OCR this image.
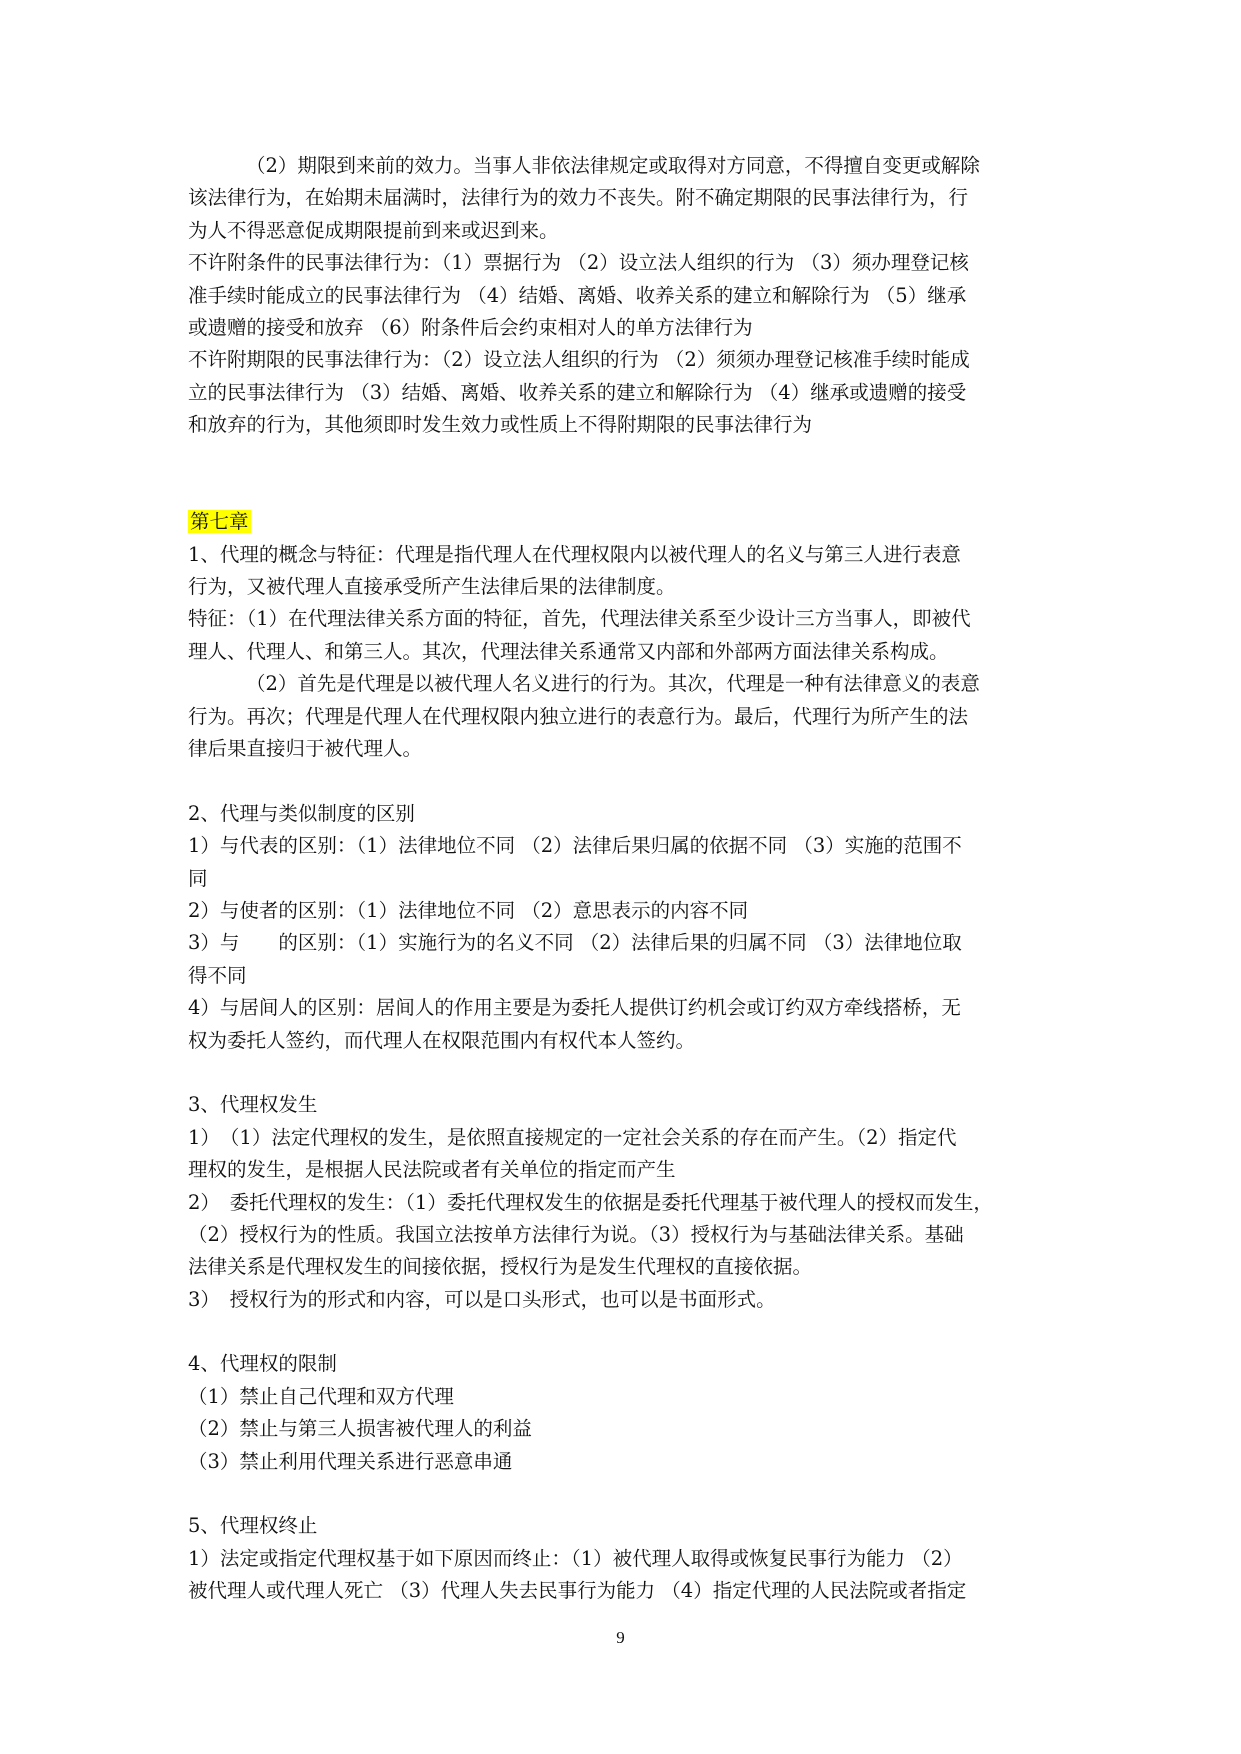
（2）期限到来前的效力。当事人非依法律规定或取得对方同意，不得擅自变更或解除

该法律行为，在始期未届满时，法律行为的效力不丧失。附不确定期限的民事法律行为，行

为人不得恶意促成期限提前到来或迟到来。

不许附条件的民事法律行为：（1）票据行为 （2）设立法人组织的行为 （3）须办理登记核

准手续时能成立的民事法律行为 （4）结婚、离婚、收养关系的建立和解除行为 （5）继承

或遗赠的接受和放弃 （6）附条件后会约束相对人的单方法律行为

不许附期限的民事法律行为：（2）设立法人组织的行为 （2）须须办理登记核准手续时能成

立的民事法律行为 （3）结婚、离婚、收养关系的建立和解除行为 （4）继承或遗赠的接受

和放弃的行为，其他须即时发生效力或性质上不得附期限的民事法律行为

第七章

1、代理的概念与特征：代理是指代理人在代理权限内以被代理人的名义与第三人进行表意

行为，又被代理人直接承受所产生法律后果的法律制度。

特征：（1）在代理法律关系方面的特征，首先，代理法律关系至少设计三方当事人，即被代

理人、代理人、和第三人。其次，代理法律关系通常又内部和外部两方面法律关系构成。

（2）首先是代理是以被代理人名义进行的行为。其次，代理是一种有法律意义的表意

行为。再次；代理是代理人在代理权限内独立进行的表意行为。最后，代理行为所产生的法

律后果直接归于被代理人。

2、代理与类似制度的区别

1）与代表的区别：（1）法律地位不同 （2）法律后果归属的依据不同 （3）实施的范围不

同

2）与使者的区别：（1）法律地位不同 （2）意思表示的内容不同

3）与　　的区别：（1）实施行为的名义不同 （2）法律后果的归属不同 （3）法律地位取

得不同

4）与居间人的区别：居间人的作用主要是为委托人提供订约机会或订约双方牵线搭桥，无

权为委托人签约，而代理人在权限范围内有权代本人签约。

3、代理权发生

1）　（1）法定代理权的发生，是依照直接规定的一定社会关系的存在而产生。（2）指定代

理权的发生，是根据人民法院或者有关单位的指定而产生

2）　委托代理权的发生：（1）委托代理权发生的依据是委托代理基于被代理人的授权而发生，

（2）授权行为的性质。我国立法按单方法律行为说。（3）授权行为与基础法律关系。基础

法律关系是代理权发生的间接依据，授权行为是发生代理权的直接依据。

3）　授权行为的形式和内容，可以是口头形式，也可以是书面形式。

4、代理权的限制

（1）禁止自己代理和双方代理

（2）禁止与第三人损害被代理人的利益

（3）禁止利用代理关系进行恶意串通

5、代理权终止

1）法定或指定代理权基于如下原因而终止：（1）被代理人取得或恢复民事行为能力 （2）

被代理人或代理人死亡 （3）代理人失去民事行为能力 （4）指定代理的人民法院或者指定

9
